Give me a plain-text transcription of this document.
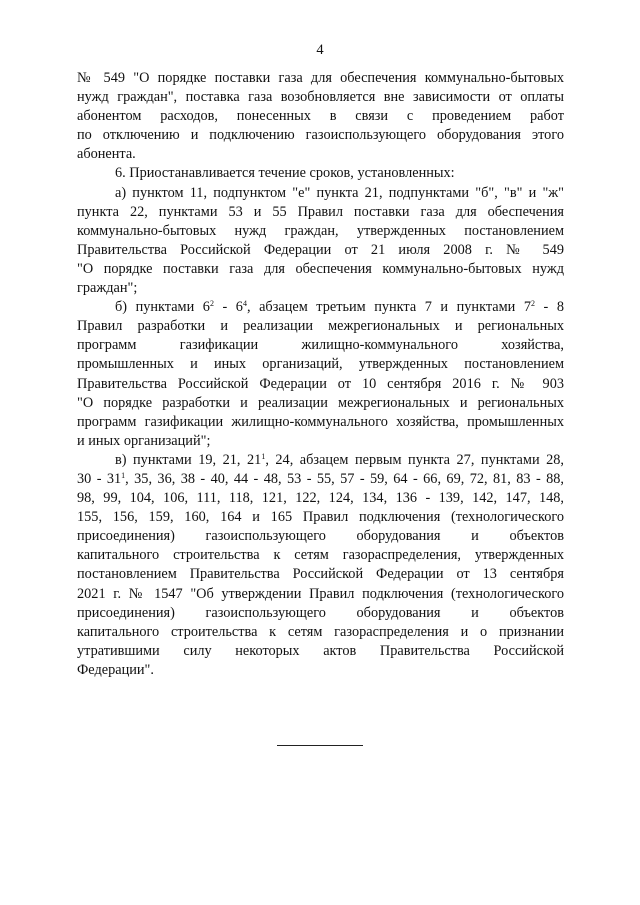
4
№ 549 "О порядке поставки газа для обеспечения коммунально-бытовых
нужд граждан", поставка газа возобновляется вне зависимости от оплаты
абонентом расходов, понесенных в связи с проведением работ
по отключению и подключению газоиспользующего оборудования этого
абонента.
6. Приостанавливается течение сроков, установленных:
а) пунктом 11, подпунктом "е" пункта 21, подпунктами "б", "в" и "ж"
пункта 22, пунктами 53 и 55 Правил поставки газа для обеспечения
коммунально-бытовых нужд граждан, утвержденных постановлением
Правительства Российской Федерации от 21 июля 2008 г. № 549
"О порядке поставки газа для обеспечения коммунально-бытовых нужд
граждан";
б) пунктами $6^2 - 6^4$, абзацем третьим пункта 7 и пунктами $7^2 - 8$
Правил разработки и реализации межрегиональных и региональных
программ газификации жилищно-коммунального хозяйства,
промышленных и иных организаций, утвержденных постановлением
Правительства Российской Федерации от 10 сентября 2016 г. № 903
"О порядке разработки и реализации межрегиональных и региональных
программ газификации жилищно-коммунального хозяйства, промышленных
и иных организаций";
в) пунктами 19, 21, $21^1$, 24, абзацем первым пункта 27, пунктами 28,
$30 - 31^1$, 35, 36, 38 - 40, 44 - 48, 53 - 55, 57 - 59, 64 - 66, 69, 72, 81, 83 - 88,
98, 99, 104, 106, 111, 118, 121, 122, 124, 134, 136 - 139, 142, 147, 148,
155, 156, 159, 160, 164 и 165 Правил подключения (технологического
присоединения) газоиспользующего оборудования и объектов
капитального строительства к сетям газораспределения, утвержденных
постановлением Правительства Российской Федерации от 13 сентября
2021 г. № 1547 "Об утверждении Правил подключения (технологического
присоединения) газоиспользующего оборудования и объектов
капитального строительства к сетям газораспределения и о признании
утратившими силу некоторых актов Правительства Российской
Федерации".
